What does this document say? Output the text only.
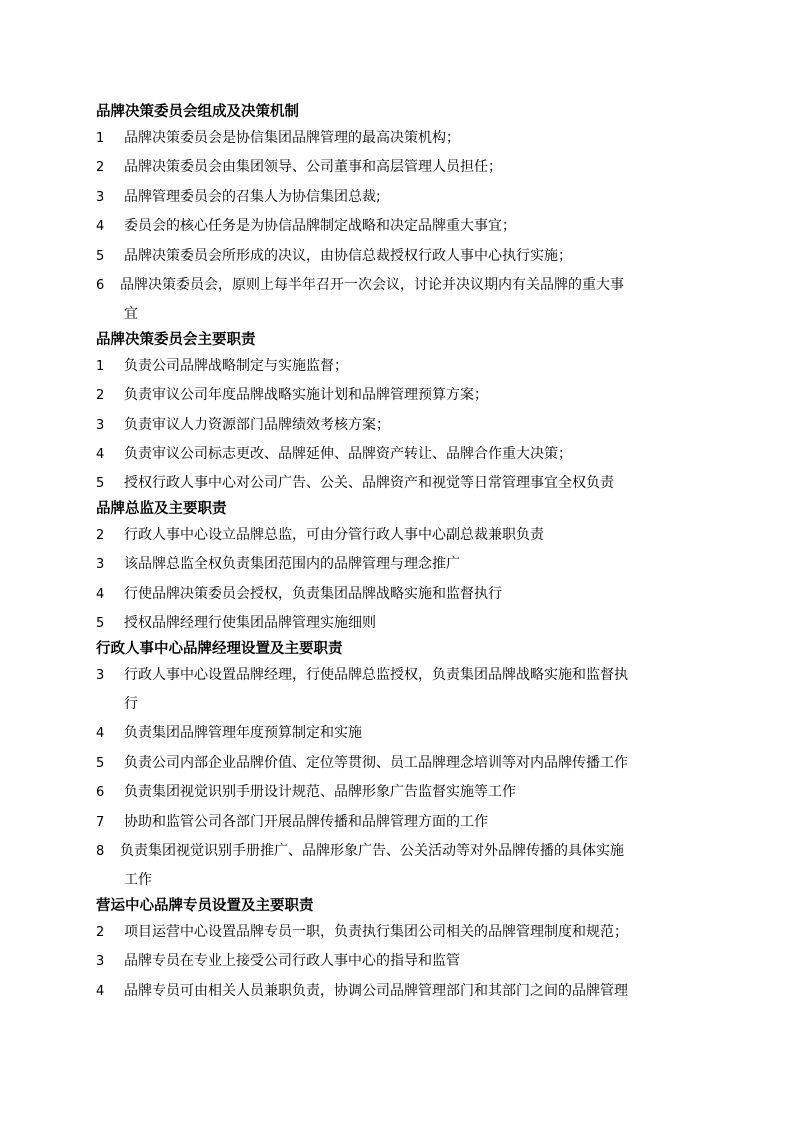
品牌决策委员会组成及决策机制
1	品牌决策委员会是协信集团品牌管理的最高决策机构；
2	品牌决策委员会由集团领导、公司董事和高层管理人员担任；
3	品牌管理委员会的召集人为协信集团总裁;
4	委员会的核心任务是为协信品牌制定战略和决定品牌重大事宜；
5	品牌决策委员会所形成的决议，由协信总裁授权行政人事中心执行实施；
6	品牌决策委员会，原则上每半年召开一次会议，讨论并决议期内有关品牌的重大事
宜
品牌决策委员会主要职责
1	负责公司品牌战略制定与实施监督；
2	负责审议公司年度品牌战略实施计划和品牌管理预算方案；
3	负责审议人力资源部门品牌绩效考核方案；
4	负责审议公司标志更改、品牌延伸、品牌资产转让、品牌合作重大决策；
5	授权行政人事中心对公司广告、公关、品牌资产和视觉等日常管理事宜全权负责
品牌总监及主要职责
2	行政人事中心设立品牌总监，可由分管行政人事中心副总裁兼职负责
3	该品牌总监全权负责集团范围内的品牌管理与理念推广
4	行使品牌决策委员会授权，负责集团品牌战略实施和监督执行
5	授权品牌经理行使集团品牌管理实施细则
行政人事中心品牌经理设置及主要职责
3	行政人事中心设置品牌经理，行使品牌总监授权，负责集团品牌战略实施和监督执
行
4	负责集团品牌管理年度预算制定和实施
5	负责公司内部企业品牌价值、定位等贯彻、员工品牌理念培训等对内品牌传播工作
6	负责集团视觉识别手册设计规范、品牌形象广告监督实施等工作
7	协助和监管公司各部门开展品牌传播和品牌管理方面的工作
8	负责集团视觉识别手册推广、品牌形象广告、公关活动等对外品牌传播的具体实施
工作
营运中心品牌专员设置及主要职责
2	项目运营中心设置品牌专员一职，负责执行集团公司相关的品牌管理制度和规范；
3	品牌专员在专业上接受公司行政人事中心的指导和监管
4	品牌专员可由相关人员兼职负责，协调公司品牌管理部门和其部门之间的品牌管理
